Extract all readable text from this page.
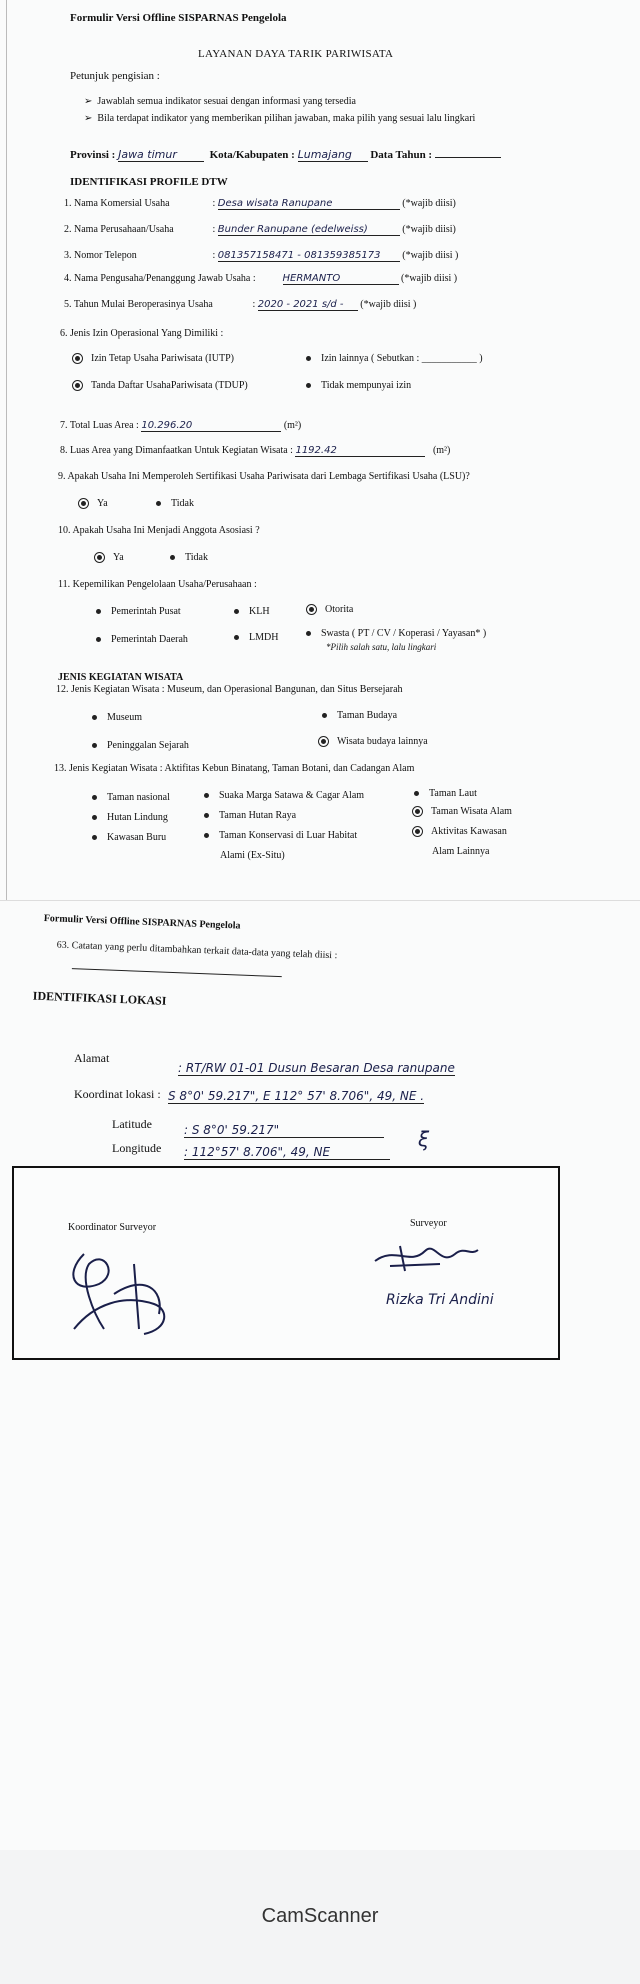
Formulir Versi Offline SISPARNAS Pengelola
LAYANAN DAYA TARIK PARIWISATA
Petunjuk pengisian :
➢  Jawablah semua indikator sesuai dengan informasi yang tersedia
➢  Bila terdapat indikator yang memberikan pilihan jawaban, maka pilih yang sesuai lalu lingkari
Provinsi : Jawa timur	Kota/Kabupaten : Lumajang Data Tahun :
IDENTIFIKASI PROFILE DTW
1. Nama Komersial Usaha	: Desa wisata Ranupane	(*wajib diisi)
2. Nama Perusahaan/Usaha	: Bunder Ranupane (edelweiss)	(*wajib diisi)
3. Nomor Telepon	: 081357158471 - 081359385173 (*wajib diisi )
4. Nama Pengusaha/Penanggung Jawab Usaha :	HERMANTO	(*wajib diisi )
5. Tahun Mulai Beroperasinya Usaha	: 2020 - 2021 s/d - (*wajib diisi )
6. Jenis Izin Operasional Yang Dimiliki :
Izin Tetap Usaha Pariwisata (IUTP)	Izin lainnya ( Sebutkan : ___________ )
Tanda Daftar UsahaPariwisata (TDUP)	Tidak mempunyai izin
7. Total Luas Area : 10.296.20	(m²)
8. Luas Area yang Dimanfaatkan Untuk Kegiatan Wisata : 1192.42	(m²)
9. Apakah Usaha Ini Memperoleh Sertifikasi Usaha Pariwisata dari Lembaga Sertifikasi Usaha (LSU)?
Ya	Tidak
10. Apakah Usaha Ini Menjadi Anggota Asosiasi ?
Ya	Tidak
11. Kepemilikan Pengelolaan Usaha/Perusahaan :
Pemerintah Pusat	KLH	Otorita
Pemerintah Daerah	LMDH	Swasta ( PT / CV / Koperasi / Yayasan* )
*Pilih salah satu, lalu lingkari
JENIS KEGIATAN WISATA
12. Jenis Kegiatan Wisata : Museum, dan Operasional Bangunan, dan Situs Bersejarah
Museum	Taman Budaya
Peninggalan Sejarah	Wisata budaya lainnya
13. Jenis Kegiatan Wisata : Aktifitas Kebun Binatang, Taman Botani, dan Cadangan Alam
Taman nasional	Suaka Marga Satawa & Cagar Alam	Taman Laut
Hutan Lindung	Taman Hutan Raya	Taman Wisata Alam
Kawasan Buru	Taman Konservasi di Luar Habitat	Aktivitas Kawasan
Alami (Ex-Situ)	Alam Lainnya
Formulir Versi Offline SISPARNAS Pengelola
63. Catatan yang perlu ditambahkan terkait data-data yang telah diisi :
IDENTIFIKASI LOKASI
Alamat
: RT/RW 01-01 Dusun Besaran Desa ranupane
Koordinat lokasi : S 8°0' 59.217", E 112° 57' 8.706", 49, NE .
Latitude	: S 8°0' 59.217"
Longitude : 112°57' 8.706", 49, NE
ξ
Koordinator Surveyor	Surveyor
Rizka Tri Andini
CamScanner
